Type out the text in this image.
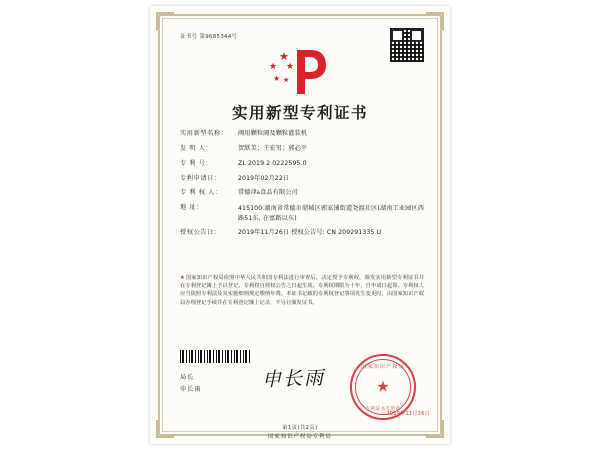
证书号 第9685344号
★
★ ★
★ ★
实用新型专利证书
实用新型名称：	阀用颗粒阀及颗粒灌装机
发 明 人：	贺默美；王宏男；郭必平
专 利 号：	ZL 2019 2 0222595.0
专利申请日：	2019年02月22日
专 利 权 人：	常德津ة食品有限公司
地 址：	415100 湖南省常德市鼎城区郭家铺街道尧渡社区(湖南工业园区西路51东, 在富路以东)
授权公告日：	2019年11月26日 授权公告号: CN 209291335 U
★国家知识产权局依照中华人民共和国专利法进行审查后，决定授予专利权，颁发实用新型专利证书并在专利登记簿上予以登记。专利权自授权公告之日起生效。专利权期限为十年，自申请日起算。专利权人应当依照专利法及其实施细则规定缴纳年费。本证书记载的专利权登记事项发生变更时，由国家知识产权局办理登记手续并在专利登记簿上记录，不另行颁发证书。
局长
申长雨	申长雨	国家知识产权局
★
专利证书专用章
2019年11月26日
第1页(共2页)
国家知识产权局专利局
